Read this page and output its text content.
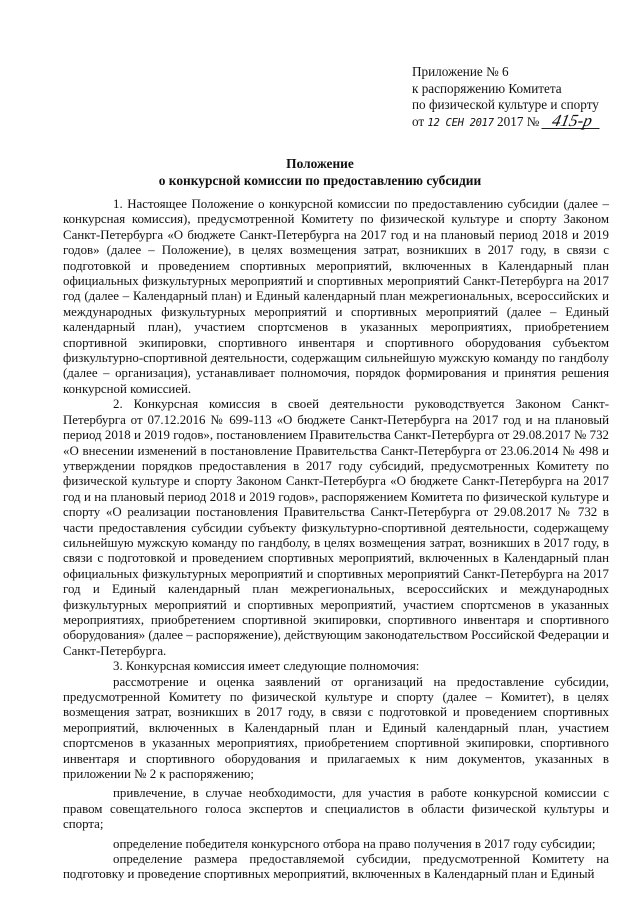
Приложение № 6
к распоряжению Комитета
по физической культуре и спорту
от 12 СЕН 2017 2017 № 415-р
Положение
о конкурсной комиссии по предоставлению субсидии

1. Настоящее Положение о конкурсной комиссии по предоставлению субсидии (далее – конкурсная комиссия), предусмотренной Комитету по физической культуре и спорту Законом Санкт-Петербурга «О бюджете Санкт-Петербурга на 2017 год и на плановый период 2018 и 2019 годов» (далее – Положение), в целях возмещения затрат, возникших в 2017 году, в связи с подготовкой и проведением спортивных мероприятий, включенных в Календарный план официальных физкультурных мероприятий и спортивных мероприятий Санкт-Петербурга на 2017 год (далее – Календарный план) и Единый календарный план межрегиональных, всероссийских и международных физкультурных мероприятий и спортивных мероприятий (далее – Единый календарный план), участием спортсменов в указанных мероприятиях, приобретением спортивной экипировки, спортивного инвентаря и спортивного оборудования субъектом физкультурно-спортивной деятельности, содержащим сильнейшую мужскую команду по гандболу (далее – организация), устанавливает полномочия, порядок формирования и принятия решения конкурсной комиссией.

2. Конкурсная комиссия в своей деятельности руководствуется Законом Санкт-Петербурга от 07.12.2016 № 699-113 «О бюджете Санкт-Петербурга на 2017 год и на плановый период 2018 и 2019 годов», постановлением Правительства Санкт-Петербурга от 29.08.2017 № 732 «О внесении изменений в постановление Правительства Санкт-Петербурга от 23.06.2014 № 498 и утверждении порядков предоставления в 2017 году субсидий, предусмотренных Комитету по физической культуре и спорту Законом Санкт-Петербурга «О бюджете Санкт-Петербурга на 2017 год и на плановый период 2018 и 2019 годов», распоряжением Комитета по физической культуре и спорту «О реализации постановления Правительства Санкт-Петербурга от 29.08.2017 № 732 в части предоставления субсидии субъекту физкультурно-спортивной деятельности, содержащему сильнейшую мужскую команду по гандболу, в целях возмещения затрат, возникших в 2017 году, в связи с подготовкой и проведением спортивных мероприятий, включенных в Календарный план официальных физкультурных мероприятий и спортивных мероприятий Санкт-Петербурга на 2017 год и Единый календарный план межрегиональных, всероссийских и международных физкультурных мероприятий и спортивных мероприятий, участием спортсменов в указанных мероприятиях, приобретением спортивной экипировки, спортивного инвентаря и спортивного оборудования» (далее – распоряжение), действующим законодательством Российской Федерации и Санкт-Петербурга.

3. Конкурсная комиссия имеет следующие полномочия:

рассмотрение и оценка заявлений от организаций на предоставление субсидии, предусмотренной Комитету по физической культуре и спорту (далее – Комитет), в целях возмещения затрат, возникших в 2017 году, в связи с подготовкой и проведением спортивных мероприятий, включенных в Календарный план и Единый календарный план, участием спортсменов в указанных мероприятиях, приобретением спортивной экипировки, спортивного инвентаря и спортивного оборудования и прилагаемых к ним документов, указанных в приложении № 2 к распоряжению;

привлечение, в случае необходимости, для участия в работе конкурсной комиссии с правом совещательного голоса экспертов и специалистов в области физической культуры и спорта;

определение победителя конкурсного отбора на право получения в 2017 году субсидии;

определение размера предоставляемой субсидии, предусмотренной Комитету на подготовку и проведение спортивных мероприятий, включенных в Календарный план и Единый
